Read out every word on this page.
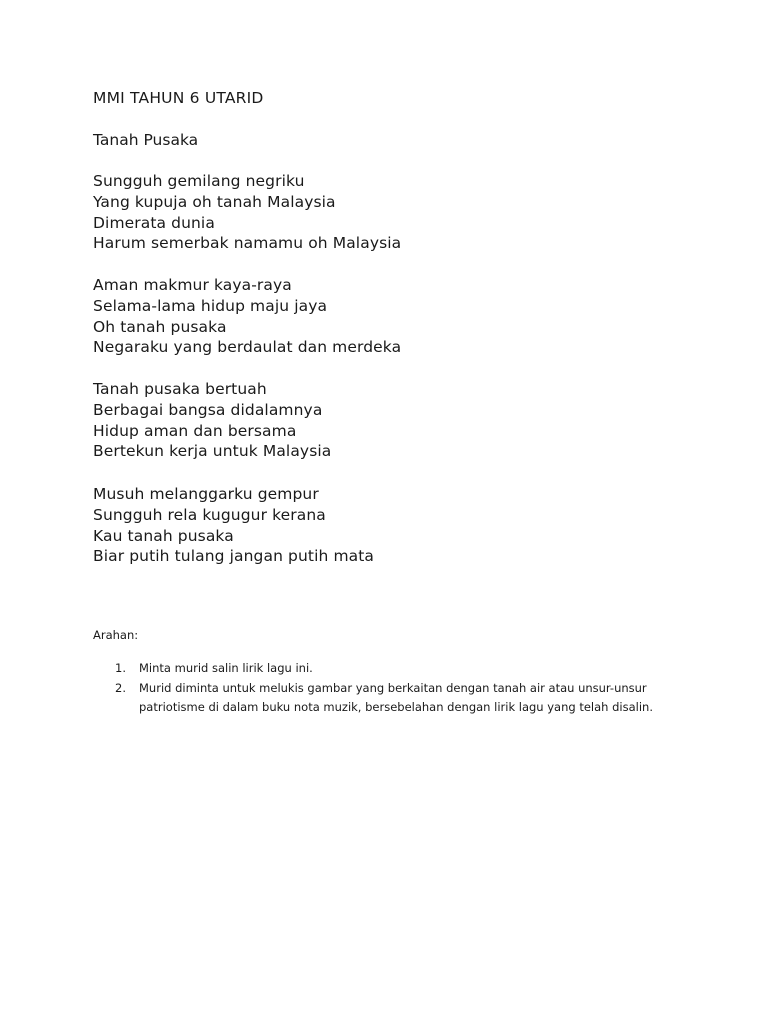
MMI TAHUN 6 UTARID
Tanah Pusaka
Sungguh gemilang negriku
Yang kupuja oh tanah Malaysia
Dimerata dunia
Harum semerbak namamu oh Malaysia
Aman makmur kaya-raya
Selama-lama hidup maju jaya
Oh tanah pusaka
Negaraku yang berdaulat dan merdeka
Tanah pusaka bertuah
Berbagai bangsa didalamnya
Hidup aman dan bersama
Bertekun kerja untuk Malaysia
Musuh melanggarku gempur
Sungguh rela kugugur kerana
Kau tanah pusaka
Biar putih tulang jangan putih mata
Arahan:
1. Minta murid salin lirik lagu ini.
2. Murid diminta untuk melukis gambar yang berkaitan dengan tanah air atau unsur-unsur patriotisme di dalam buku nota muzik, bersebelahan dengan lirik lagu yang telah disalin.
